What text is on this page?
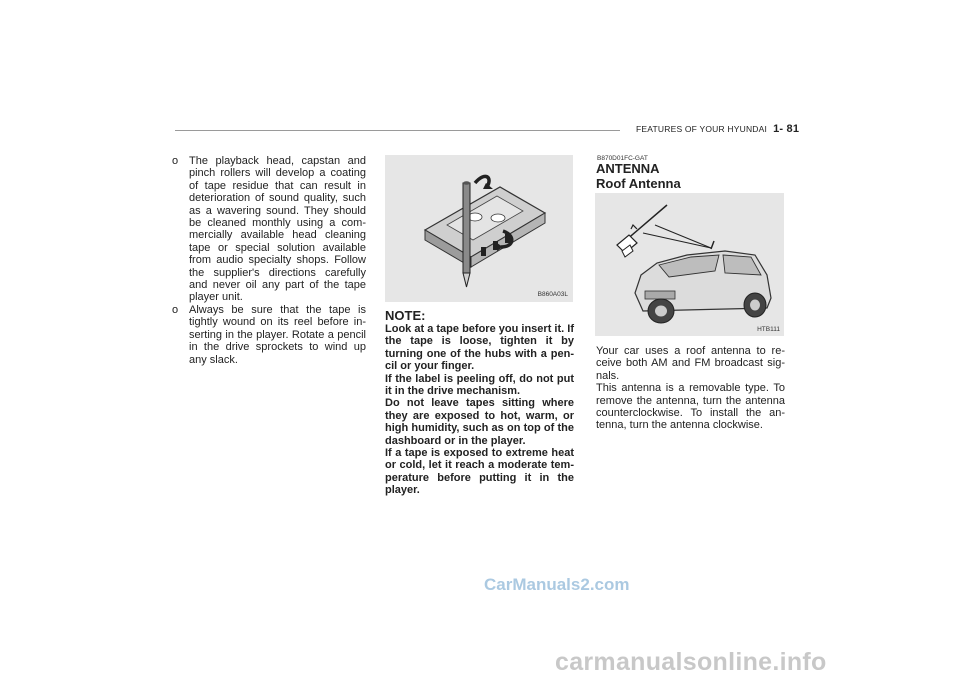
FEATURES OF YOUR HYUNDAI 1- 81
o The playback head, capstan and pinch rollers will develop a coating of tape residue that can result in deterioration of sound quality, such as a wavering sound. They should be cleaned monthly using a com-mercially available head cleaning tape or special solution available from audio specialty shops. Follow the supplier's directions carefully and never oil any part of the tape player unit.
o Always be sure that the tape is tightly wound on its reel before in-serting in the player. Rotate a pencil in the drive sprockets to wind up any slack.
B860A03L
NOTE:
Look at a tape before you insert it. If the tape is loose, tighten it by turning one of the hubs with a pen-cil or your finger.
If the label is peeling off, do not put it in the drive mechanism.
Do not leave tapes sitting where they are exposed to hot, warm, or high humidity, such as on top of the dashboard or in the player.
If a tape is exposed to extreme heat or cold, let it reach a moderate tem-perature before putting it in the player.
B870D01FC-GAT
ANTENNA
Roof Antenna
HTB111
Your car uses a roof antenna to re-ceive both AM and FM broadcast sig-nals.
This antenna is a removable type. To remove the antenna, turn the antenna counterclockwise. To install the an-tenna, turn the antenna clockwise.
CarManuals2.com
carmanualsonline.info
